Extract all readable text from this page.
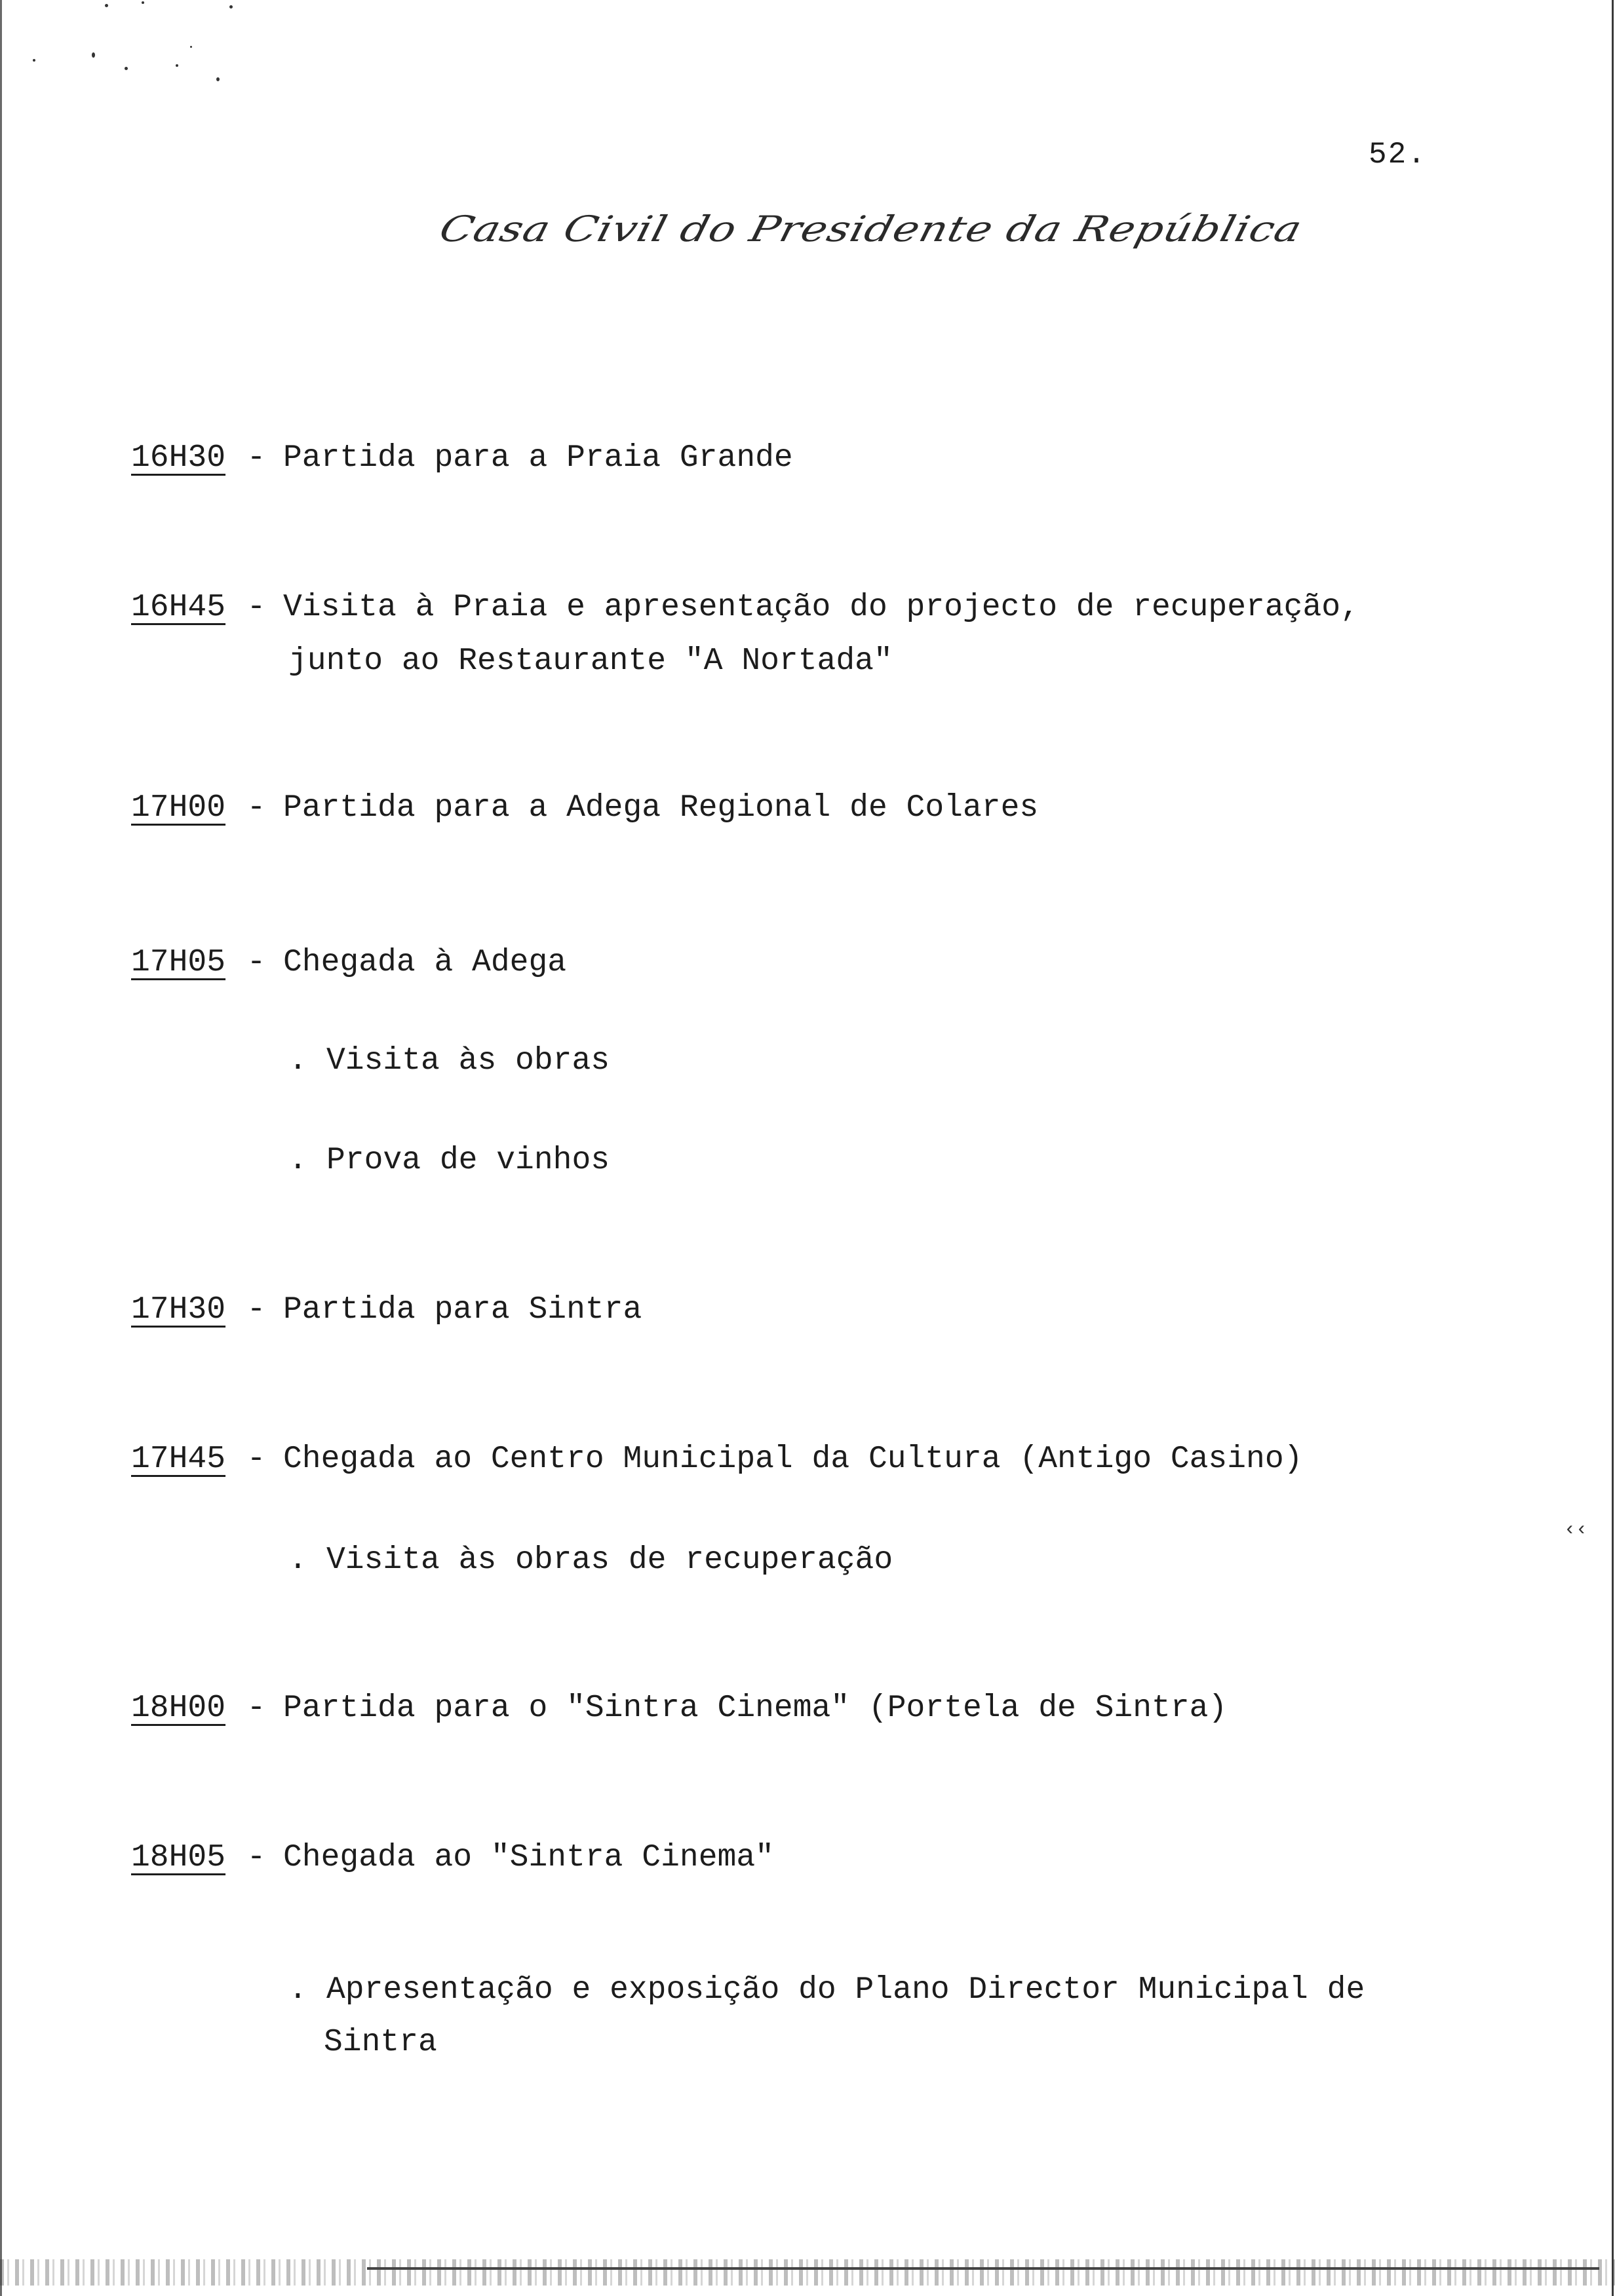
52.
Casa Civil do Presidente da República
16H30 - Partida para a Praia Grande
16H45 - Visita à Praia e apresentação do projecto de recuperação,
junto ao Restaurante "A Nortada"
17H00 - Partida para a Adega Regional de Colares
17H05 - Chegada à Adega
. Visita às obras
. Prova de vinhos
17H30 - Partida para Sintra
17H45 - Chegada ao Centro Municipal da Cultura (Antigo Casino)
. Visita às obras de recuperação
18H00 - Partida para o "Sintra Cinema" (Portela de Sintra)
18H05 - Chegada ao "Sintra Cinema"
. Apresentação e exposição do Plano Director Municipal de
Sintra
‹‹
